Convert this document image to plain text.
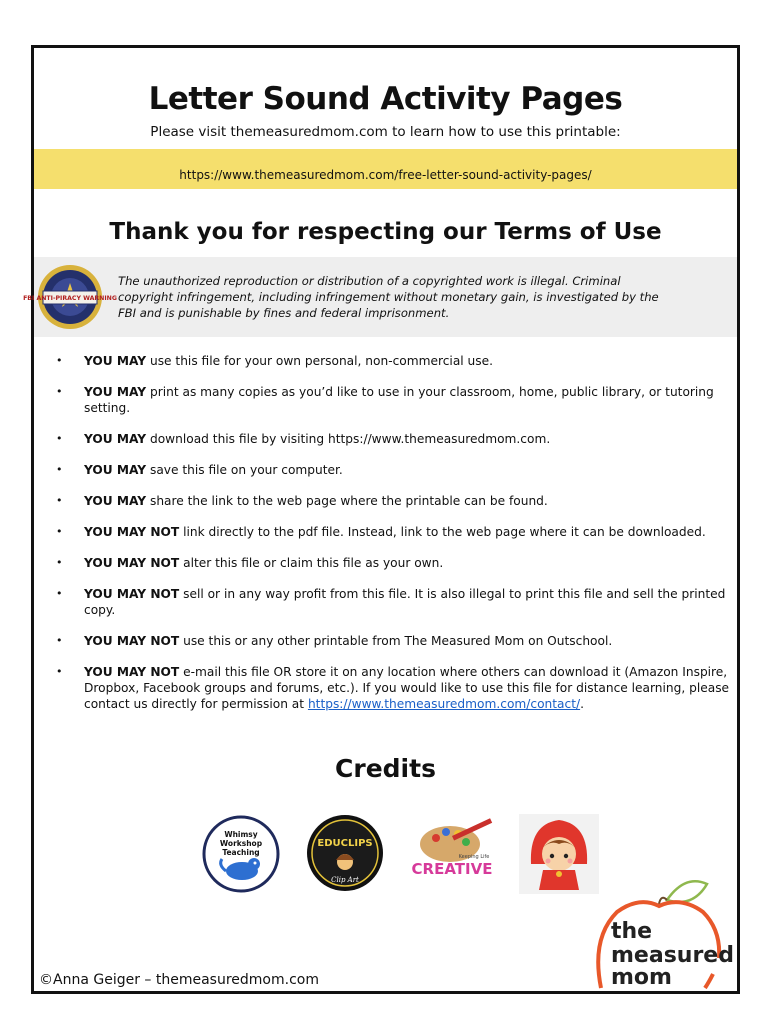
Letter Sound Activity Pages

Please visit themeasuredmom.com to learn how to use this printable:

https://www.themeasuredmom.com/free-letter-sound-activity-pages/
Thank you for respecting our Terms of Use
FBI ANTI-PIRACY WARNING

The unauthorized reproduction or distribution of a copyrighted work is illegal. Criminal copyright infringement, including infringement without monetary gain, is investigated by the FBI and is punishable by fines and federal imprisonment.

• YOU MAY use this file for your own personal, non-commercial use.
• YOU MAY print as many copies as you’d like to use in your classroom, home, public library, or tutoring setting.
• YOU MAY download this file by visiting https://www.themeasuredmom.com.
• YOU MAY save this file on your computer.
• YOU MAY share the link to the web page where the printable can be found.
• YOU MAY NOT link directly to the pdf file. Instead, link to the web page where it can be downloaded.
• YOU MAY NOT alter this file or claim this file as your own.
• YOU MAY NOT sell or in any way profit from this file. It is also illegal to print this file and sell the printed copy.
• YOU MAY NOT use this or any other printable from The Measured Mom on Outschool.
• YOU MAY NOT e-mail this file OR store it on any location where others can download it (Amazon Inspire, Dropbox, Facebook groups and forums, etc.). If you would like to use this file for distance learning, please contact us directly for permission at https://www.themeasuredmom.com/contact/.
Credits
Whimsy
Workshop
Teaching
EDUCLIPS
Clip Art
Keeping Life
CREATIVE
the
measured
mom

©Anna Geiger – themeasuredmom.com
